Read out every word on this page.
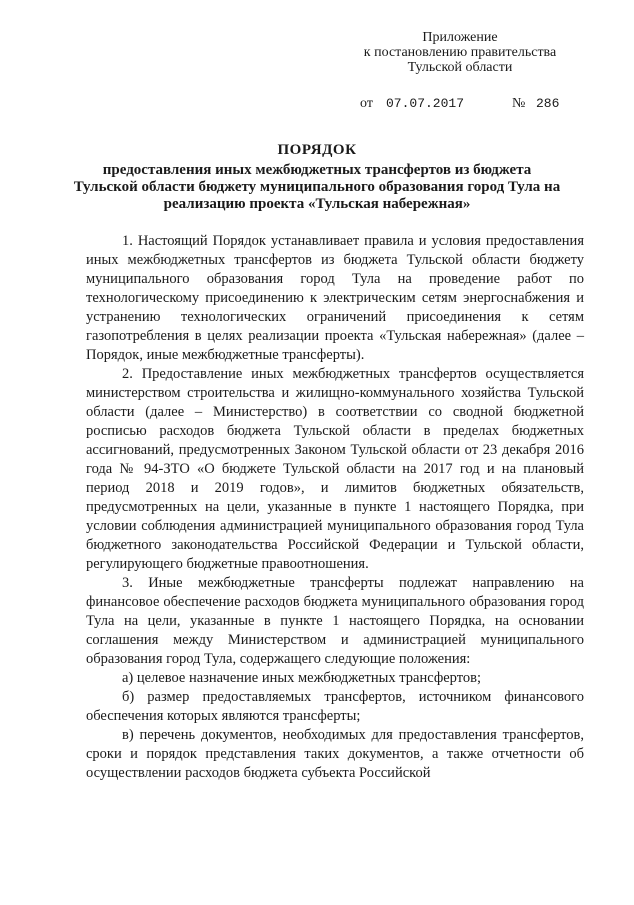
Приложение
к постановлению правительства
Тульской области
от 07.07.2017	№ 286
ПОРЯДОК
предоставления иных межбюджетных трансфертов из бюджета Тульской области бюджету муниципального образования город Тула на реализацию проекта «Тульская набережная»

1. Настоящий Порядок устанавливает правила и условия предоставления иных межбюджетных трансфертов из бюджета Тульской области бюджету муниципального образования город Тула на проведение работ по технологическому присоединению к электрическим сетям энергоснабжения и устранению технологических ограничений присоединения к сетям газопотребления в целях реализации проекта «Тульская набережная» (далее – Порядок, иные межбюджетные трансферты).

2. Предоставление иных межбюджетных трансфертов осуществляется министерством строительства и жилищно-коммунального хозяйства Тульской области (далее – Министерство) в соответствии со сводной бюджетной росписью расходов бюджета Тульской области в пределах бюджетных ассигнований, предусмотренных Законом Тульской области от 23 декабря 2016 года № 94-ЗТО «О бюджете Тульской области на 2017 год и на плановый период 2018 и 2019 годов», и лимитов бюджетных обязательств, предусмотренных на цели, указанные в пункте 1 настоящего Порядка, при условии соблюдения администрацией муниципального образования город Тула бюджетного законодательства Российской Федерации и Тульской области, регулирующего бюджетные правоотношения.

3. Иные межбюджетные трансферты подлежат направлению на финансовое обеспечение расходов бюджета муниципального образования город Тула на цели, указанные в пункте 1 настоящего Порядка, на основании соглашения между Министерством и администрацией муниципального образования город Тула, содержащего следующие положения:

а) целевое назначение иных межбюджетных трансфертов;

б) размер предоставляемых трансфертов, источником финансового обеспечения которых являются трансферты;

в) перечень документов, необходимых для предоставления трансфертов, сроки и порядок представления таких документов, а также отчетности об осуществлении расходов бюджета субъекта Российской
